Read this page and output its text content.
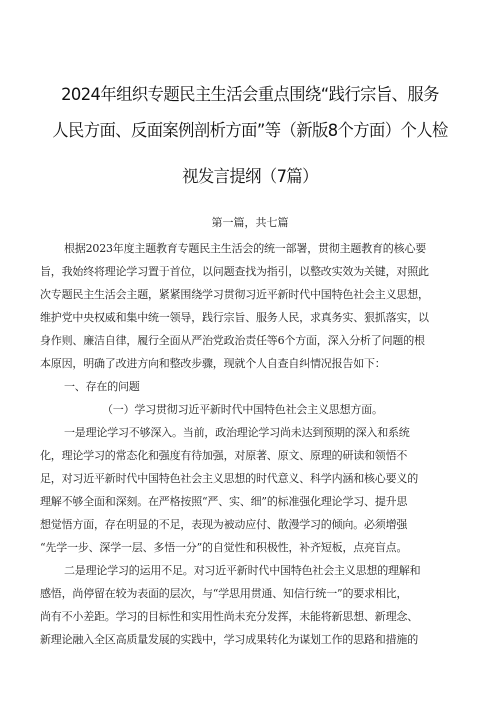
2024年组织专题民主生活会重点围绕“践行宗旨、服务
人民方面、反面案例剖析方面”等（新版8个方面）个人检
视发言提纲（7篇）
第一篇，共七篇
根据2023年度主题教育专题民主生活会的统一部署，贯彻主题教育的核心要
旨，我始终将理论学习置于首位，以问题查找为指引，以整改实效为关键，对照此
次专题民主生活会主题，紧紧围绕学习贯彻习近平新时代中国特色社会主义思想，
维护党中央权威和集中统一领导，践行宗旨、服务人民，求真务实、狠抓落实，以
身作则、廉洁自律，履行全面从严治党政治责任等6个方面，深入分析了问题的根
本原因，明确了改进方向和整改步骤，现就个人自查自纠情况报告如下：
一、存在的问题
（一）学习贯彻习近平新时代中国特色社会主义思想方面。
一是理论学习不够深入。当前，政治理论学习尚未达到预期的深入和系统
化，理论学习的常态化和强度有待加强，对原著、原文、原理的研读和领悟不
足，对习近平新时代中国特色社会主义思想的时代意义、科学内涵和核心要义的
理解不够全面和深刻。在严格按照“严、实、细”的标准强化理论学习、提升思
想觉悟方面，存在明显的不足，表现为被动应付、散漫学习的倾向。必须增强
“先学一步、深学一层、多悟一分”的自觉性和积极性，补齐短板，点亮盲点。
二是理论学习的运用不足。对习近平新时代中国特色社会主义思想的理解和
感悟，尚停留在较为表面的层次，与“学思用贯通、知信行统一”的要求相比，
尚有不小差距。学习的目标性和实用性尚未充分发挥，未能将新思想、新理念、
新理论融入全区高质量发展的实践中，学习成果转化为谋划工作的思路和措施的
